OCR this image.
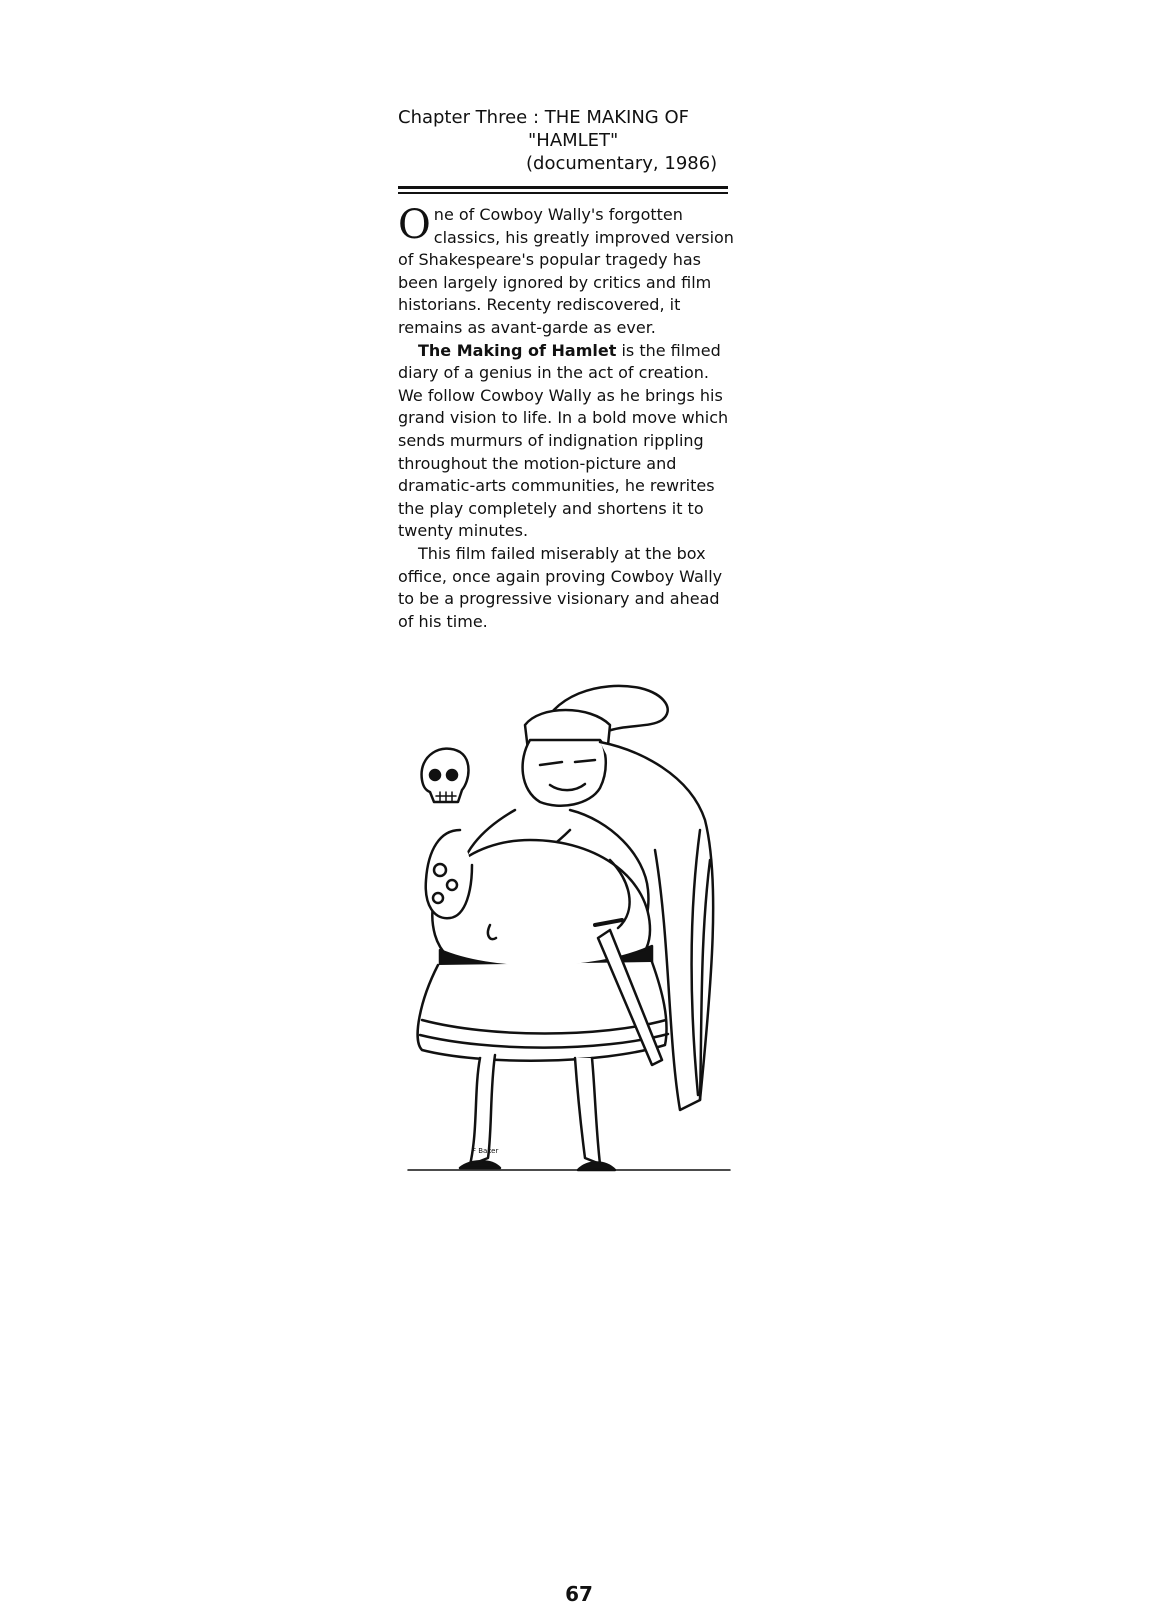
Chapter Three : THE MAKING OF
"HAMLET"
(documentary, 1986)

One of Cowboy Wally's forgotten classics, his greatly improved version of Shakespeare's popular tragedy has been largely ignored by critics and film historians. Recenty rediscovered, it remains as avant-garde as ever.

The Making of Hamlet is the filmed diary of a genius in the act of creation. We follow Cowboy Wally as he brings his grand vision to life. In a bold move which sends murmurs of indignation rippling throughout the motion-picture and dramatic-arts communities, he rewrites the play completely and shortens it to twenty minutes.

This film failed miserably at the box office, once again proving Cowboy Wally to be a progressive visionary and ahead of his time.

F Baker
67
